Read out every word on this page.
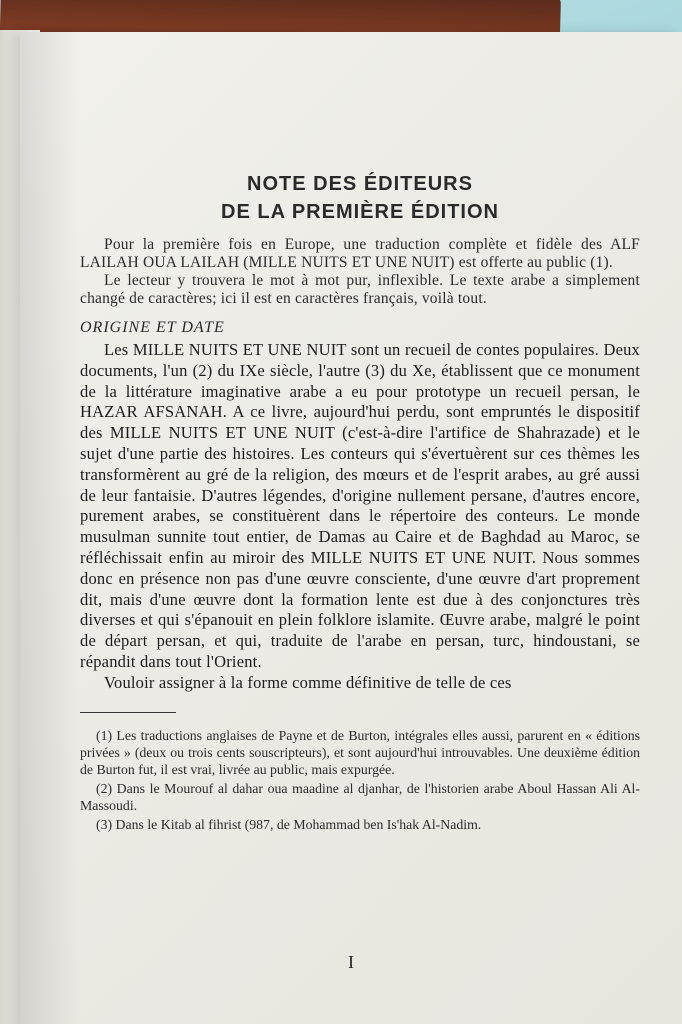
NOTE DES ÉDITEURS
DE LA PREMIÈRE ÉDITION

Pour la première fois en Europe, une traduction complète et fidèle des ALF LAILAH OUA LAILAH (MILLE NUITS ET UNE NUIT) est offerte au public (1).

Le lecteur y trouvera le mot à mot pur, inflexible. Le texte arabe a simplement changé de caractères; ici il est en caractères français, voilà tout.

ORIGINE ET DATE

Les MILLE NUITS ET UNE NUIT sont un recueil de contes populaires. Deux documents, l'un (2) du IXe siècle, l'autre (3) du Xe, établissent que ce monument de la littérature imaginative arabe a eu pour prototype un recueil persan, le HAZAR AFSANAH. A ce livre, aujourd'hui perdu, sont empruntés le dispositif des MILLE NUITS ET UNE NUIT (c'est-à-dire l'artifice de Shahrazade) et le sujet d'une partie des histoires. Les conteurs qui s'évertuèrent sur ces thèmes les transformèrent au gré de la religion, des mœurs et de l'esprit arabes, au gré aussi de leur fantaisie. D'autres légendes, d'origine nullement persane, d'autres encore, purement arabes, se constituèrent dans le répertoire des conteurs. Le monde musulman sunnite tout entier, de Damas au Caire et de Baghdad au Maroc, se réfléchissait enfin au miroir des MILLE NUITS ET UNE NUIT. Nous sommes donc en présence non pas d'une œuvre consciente, d'une œuvre d'art proprement dit, mais d'une œuvre dont la formation lente est due à des conjonctures très diverses et qui s'épanouit en plein folklore islamite. Œuvre arabe, malgré le point de départ persan, et qui, traduite de l'arabe en persan, turc, hindoustani, se répandit dans tout l'Orient.

Vouloir assigner à la forme comme définitive de telle de ces

(1) Les traductions anglaises de Payne et de Burton, intégrales elles aussi, parurent en « éditions privées » (deux ou trois cents souscripteurs), et sont aujourd'hui introuvables. Une deuxième édition de Burton fut, il est vrai, livrée au public, mais expurgée.

(2) Dans le Mourouf al dahar oua maadine al djanhar, de l'historien arabe Aboul Hassan Ali Al-Massoudi.

(3) Dans le Kitab al fihrist (987, de Mohammad ben Is'hak Al-Nadim.

I
